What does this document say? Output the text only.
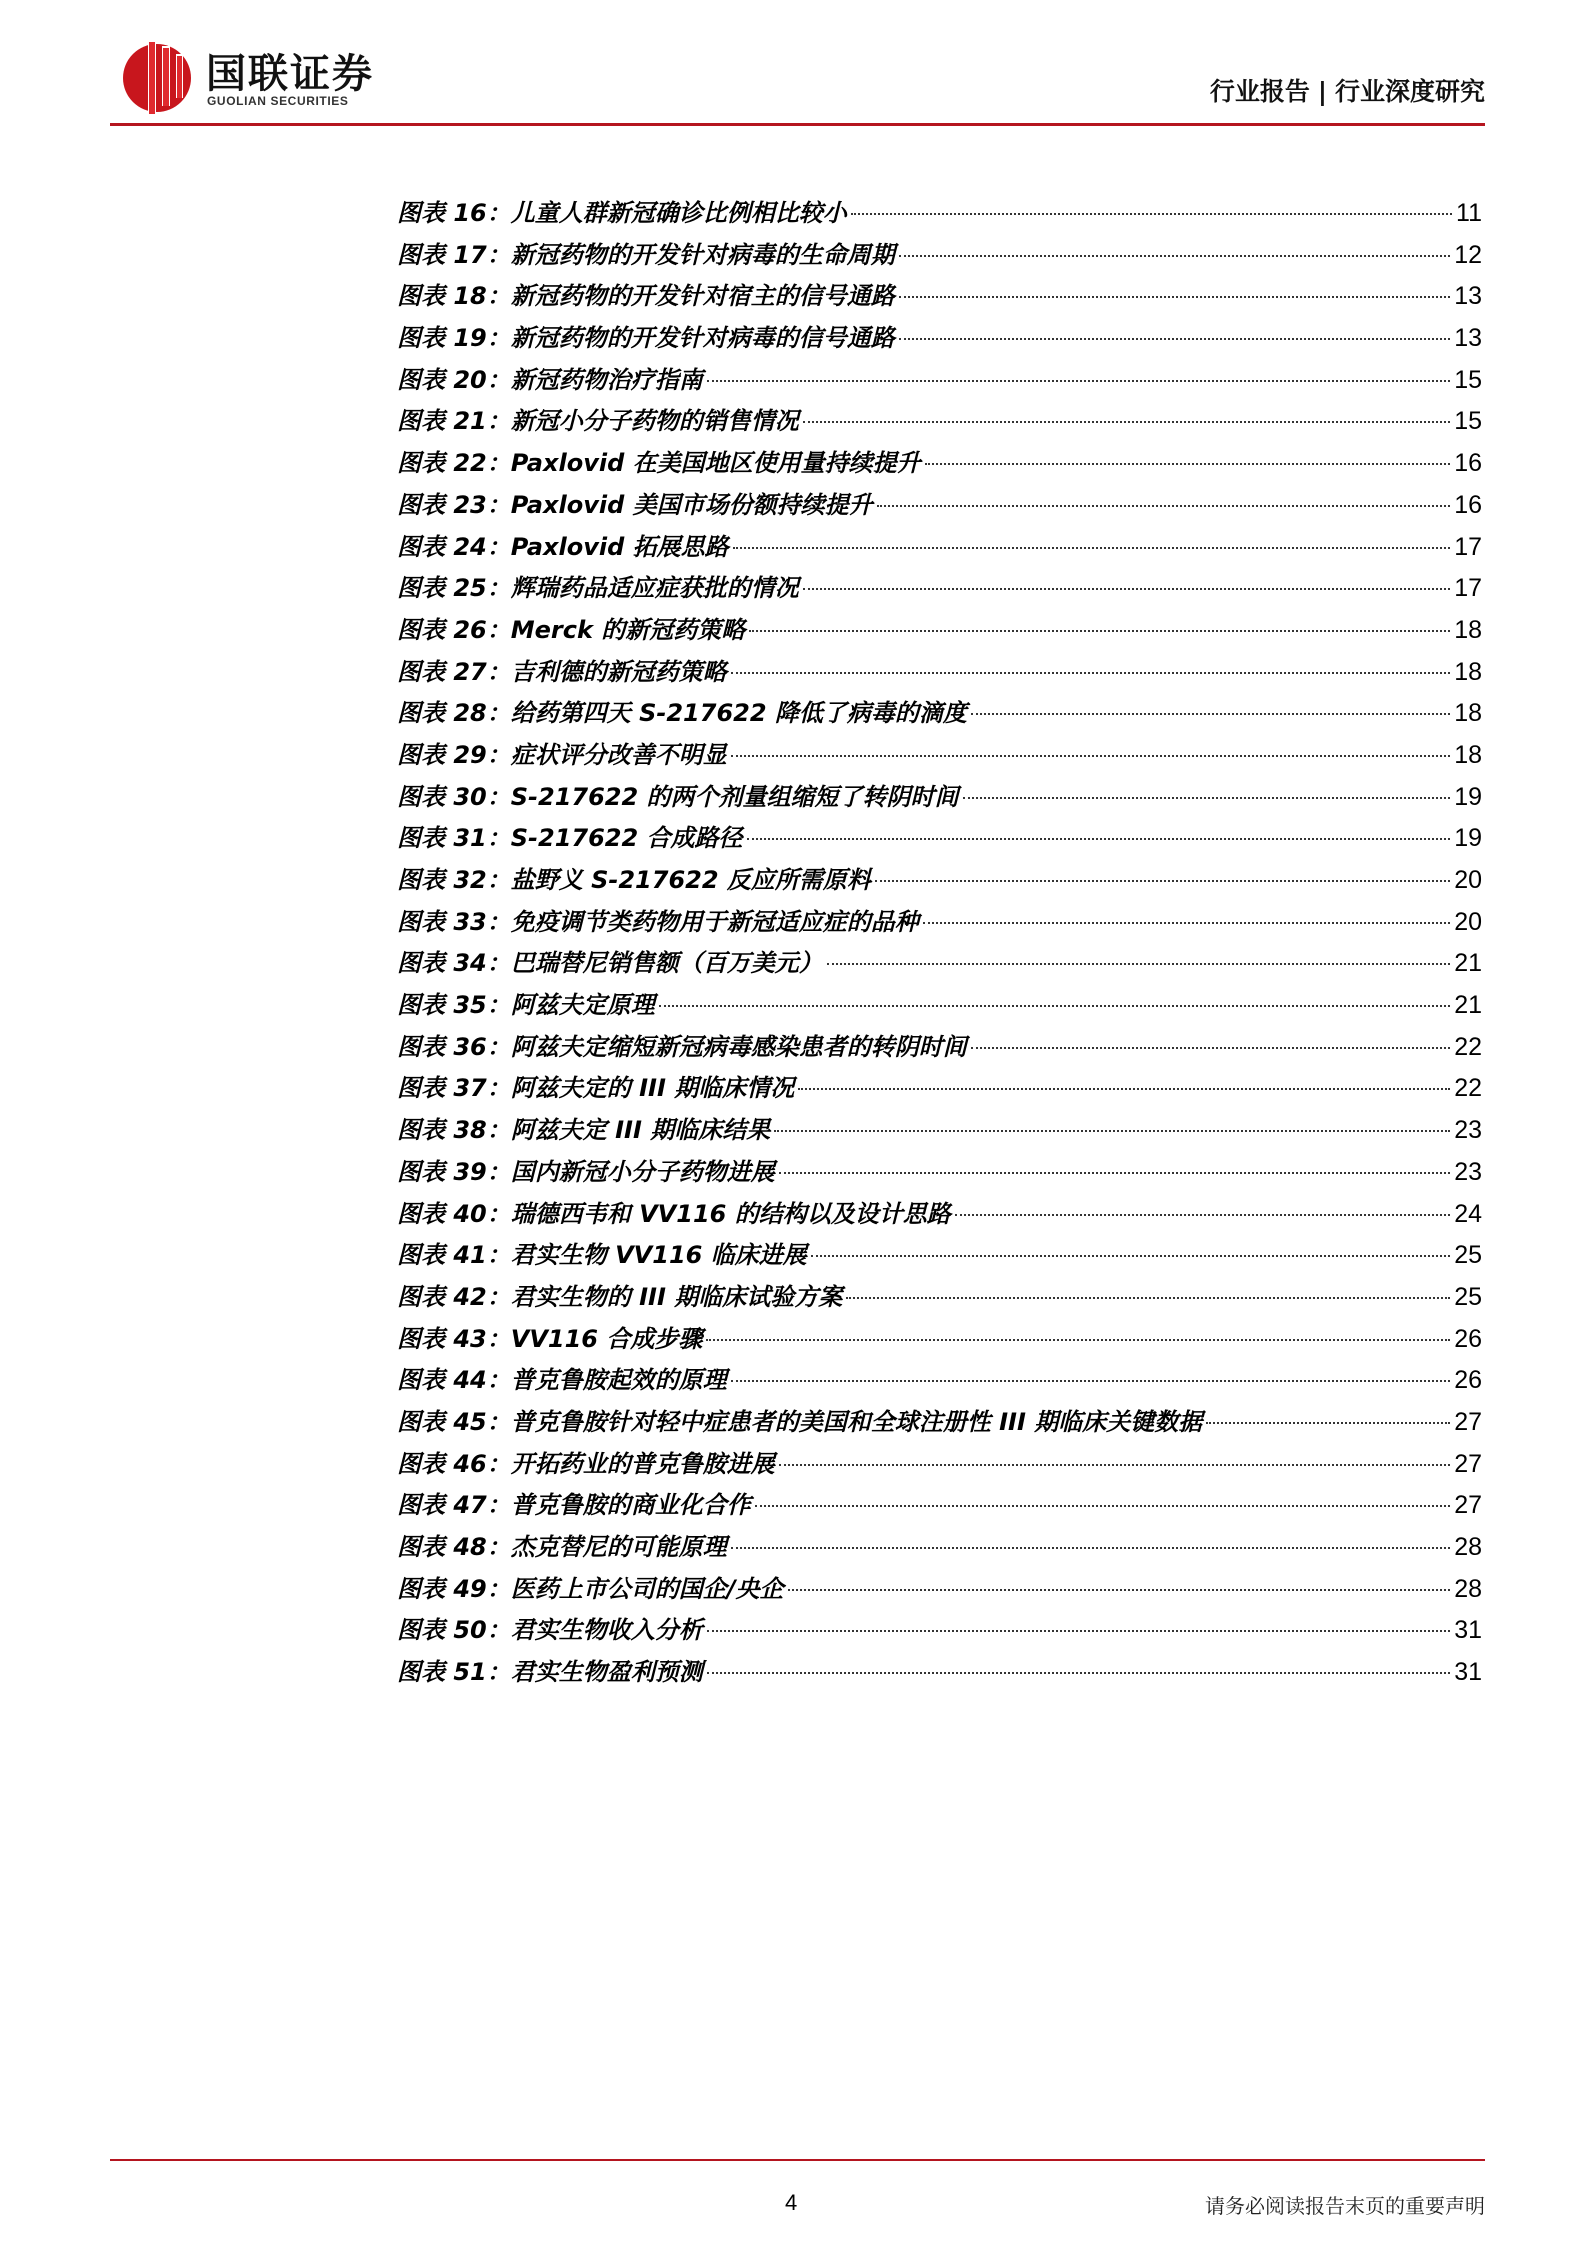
国联证券
GUOLIAN SECURITIES	行业报告 | 行业深度研究
图表 16：儿童人群新冠确诊比例相比较小	11
图表 17：新冠药物的开发针对病毒的生命周期	12
图表 18：新冠药物的开发针对宿主的信号通路	13
图表 19：新冠药物的开发针对病毒的信号通路	13
图表 20：新冠药物治疗指南	15
图表 21：新冠小分子药物的销售情况	15
图表 22：Paxlovid 在美国地区使用量持续提升	16
图表 23：Paxlovid 美国市场份额持续提升	16
图表 24：Paxlovid 拓展思路	17
图表 25：辉瑞药品适应症获批的情况	17
图表 26：Merck 的新冠药策略	18
图表 27：吉利德的新冠药策略	18
图表 28：给药第四天 S-217622 降低了病毒的滴度	18
图表 29：症状评分改善不明显	18
图表 30：S-217622 的两个剂量组缩短了转阴时间	19
图表 31：S-217622 合成路径	19
图表 32：盐野义 S-217622 反应所需原料	20
图表 33：免疫调节类药物用于新冠适应症的品种	20
图表 34：巴瑞替尼销售额（百万美元）	21
图表 35：阿兹夫定原理	21
图表 36：阿兹夫定缩短新冠病毒感染患者的转阴时间	22
图表 37：阿兹夫定的 III 期临床情况	22
图表 38：阿兹夫定 III 期临床结果	23
图表 39：国内新冠小分子药物进展	23
图表 40：瑞德西韦和 VV116 的结构以及设计思路	24
图表 41：君实生物 VV116 临床进展	25
图表 42：君实生物的 III 期临床试验方案	25
图表 43：VV116 合成步骤	26
图表 44：普克鲁胺起效的原理	26
图表 45：普克鲁胺针对轻中症患者的美国和全球注册性 III 期临床关键数据	27
图表 46：开拓药业的普克鲁胺进展	27
图表 47：普克鲁胺的商业化合作	27
图表 48：杰克替尼的可能原理	28
图表 49：医药上市公司的国企/央企	28
图表 50：君实生物收入分析	31
图表 51：君实生物盈利预测	31
4	请务必阅读报告末页的重要声明
